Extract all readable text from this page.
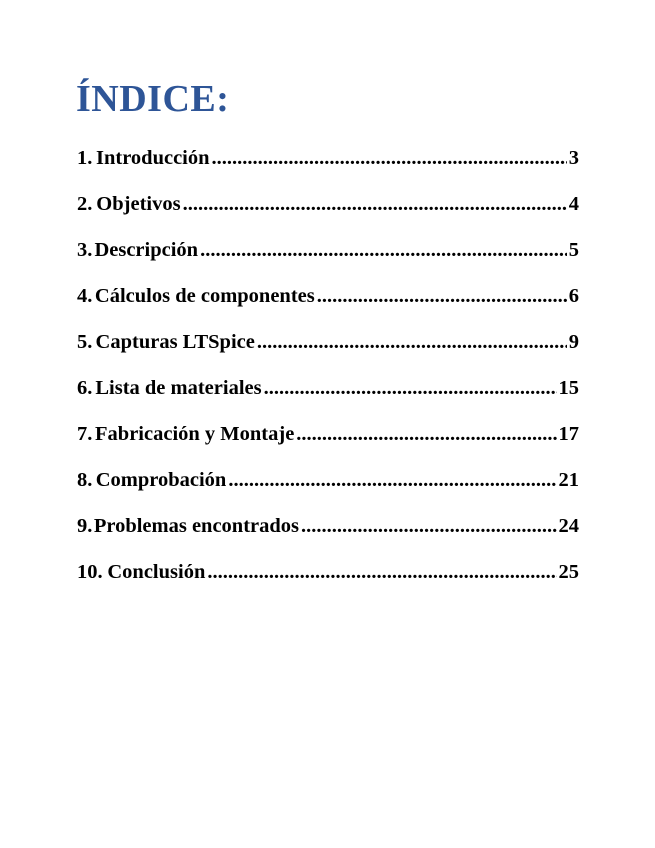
ÍNDICE:
1. Introducción .....	3
2. Objetivos .....	4
3. Descripción .....	5
4. Cálculos de componentes .....	6
5. Capturas LTSpice .....	9
6. Lista de materiales .....	15
7. Fabricación y Montaje .....	17
8. Comprobación .....	21
9. Problemas encontrados .....	24
10. Conclusión .....	25
